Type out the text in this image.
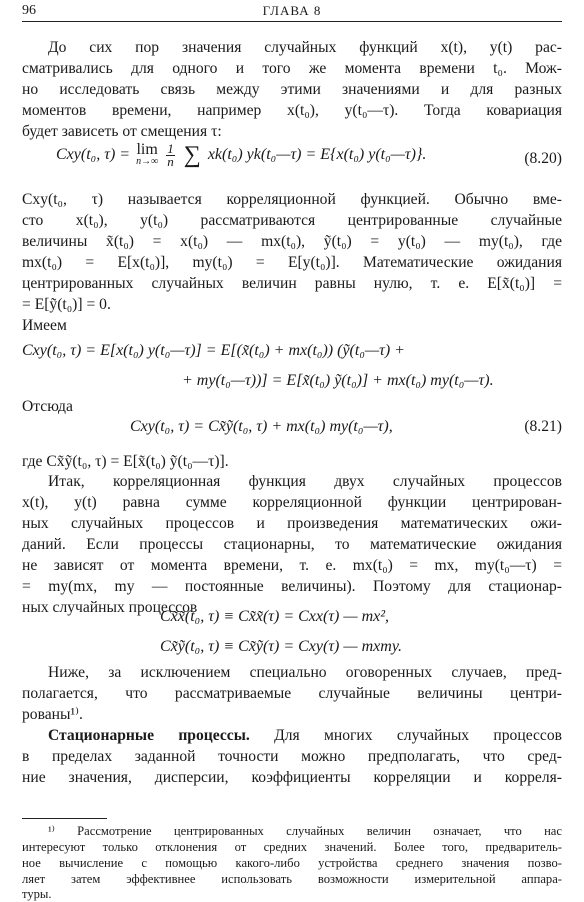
96	ГЛАВА 8
До сих пор значения случайных функций x(t), y(t) рас-
сматривались для одного и того же момента времени t₀. Мож-
но исследовать связь между этими значениями и для разных
моментов времени, например x(t₀), y(t₀—τ). Тогда ковариация
будет зависеть от смещения τ:
Cxy(t₀, τ) = lim
n→∞
$\frac{1}{n}$ ∑ xk(t₀) yk(t₀—τ) = E{x(t₀) y(t₀—τ)}.	(8.20)
Cxy(t₀, τ) называется корреляционной функцией. Обычно вме-
сто x(t₀), y(t₀) рассматриваются центрированные случайные
величины x̃(t₀) = x(t₀) — mx(t₀), ỹ(t₀) = y(t₀) — my(t₀), где
mx(t₀) = E[x(t₀)], my(t₀) = E[y(t₀)]. Математические ожидания
центрированных случайных величин равны нулю, т. е. E[x̃(t₀)] =
= E[ỹ(t₀)] = 0.
Имеем
Cxy(t₀, τ) = E[x(t₀) y(t₀—τ)] = E[(x̃(t₀) + mx(t₀)) (ỹ(t₀—τ) +
+ my(t₀—τ))] = E[x̃(t₀) ỹ(t₀)] + mx(t₀) my(t₀—τ).
Отсюда
Cxy(t₀, τ) = Cx̃ỹ(t₀, τ) + mx(t₀) my(t₀—τ),	(8.21)
где Cx̃ỹ(t₀, τ) = E[x̃(t₀) ỹ(t₀—τ)].
Итак, корреляционная функция двух случайных процессов
x(t), y(t) равна сумме корреляционной функции центрирован-
ных случайных процессов и произведения математических ожи-
даний. Если процессы стационарны, то математические ожидания
не зависят от момента времени, т. е. mx(t₀) = mx, my(t₀—τ) =
= my(mx, my — постоянные величины). Поэтому для стационар-
ных случайных процессов
Cx̃x̃(t₀, τ) ≡ Cx̃x̃(τ) = Cxx(τ) — mx²,
Cx̃ỹ(t₀, τ) ≡ Cx̃ỹ(τ) = Cxy(τ) — mxmy.
Ниже, за исключением специально оговоренных случаев, пред-
полагается, что рассматриваемые случайные величины центри-
рованы¹⁾.
Стационарные процессы. Для многих случайных процессов
в пределах заданной точности можно предполагать, что сред-
ние значения, дисперсии, коэффициенты корреляции и корреля-
¹⁾ Рассмотрение центрированных случайных величин означает, что нас
интересуют только отклонения от средних значений. Более того, предваритель-
ное вычисление с помощью какого-либо устройства среднего значения позво-
ляет затем эффективнее использовать возможности измерительной аппара-
туры.
